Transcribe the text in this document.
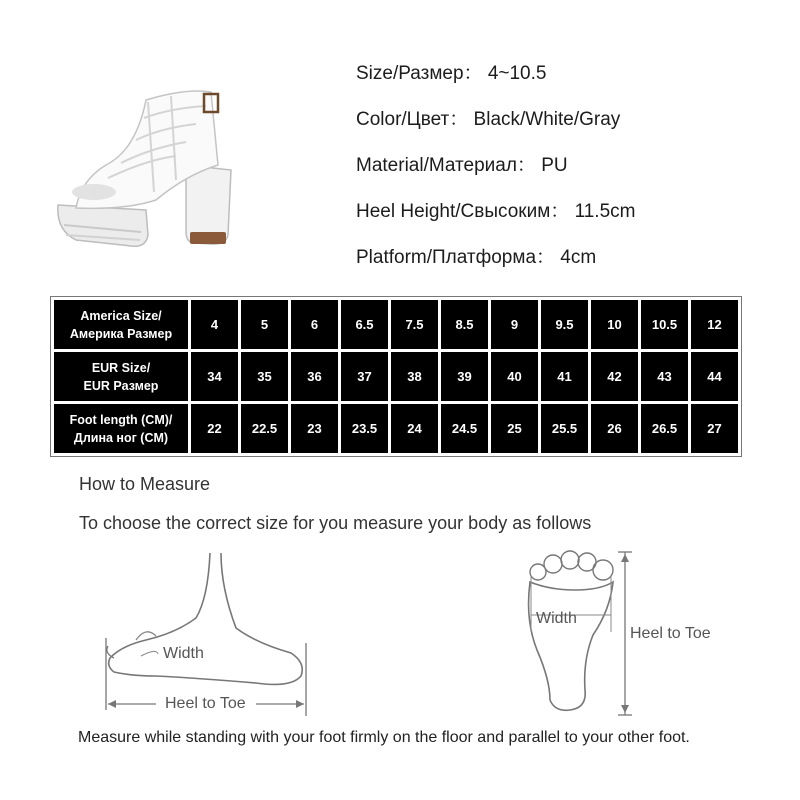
Size/Размер： 4~10.5
Color/Цвет： Black/White/Gray
Material/Материал： PU
Heel Height/Свысоким： 11.5cm
Platform/Платформа： 4cm
America Size/
Америка Размер	4	5	6	6.5	7.5	8.5	9	9.5	10	10.5	12

EUR Size/
EUR Размер	34	35	36	37	38	39	40	41	42	43	44

Foot length (CM)/
Длина ног (CM)	22	22.5	23	23.5	24	24.5	25	25.5	26	26.5	27
How to Measure
To choose the correct size for you measure your body as follows
Width
Heel to Toe
Width
Heel to Toe
Measure while standing with your foot firmly on the floor and parallel to your other foot.
